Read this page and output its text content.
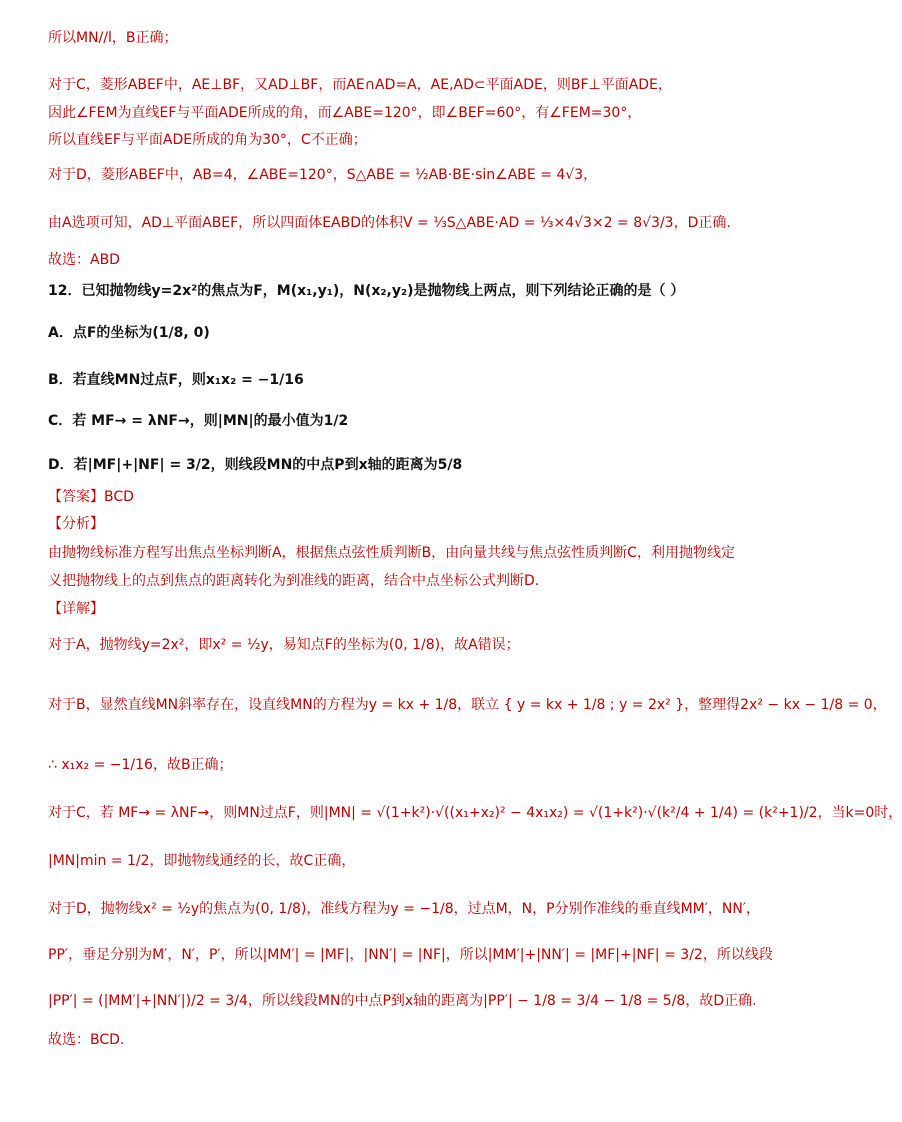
所以MN//l，B正确；
对于C，菱形ABEF中，AE⊥BF，又AD⊥BF，而AE∩AD=A，AE,AD⊂平面ADE，则BF⊥平面ADE，
因此∠FEM为直线EF与平面ADE所成的角，而∠ABE=120°，即∠BEF=60°，有∠FEM=30°，
所以直线EF与平面ADE所成的角为30°，C不正确；
对于D，菱形ABEF中，AB=4，∠ABE=120°，S△ABE = ½AB·BE·sin∠ABE = 4√3，
由A选项可知，AD⊥平面ABEF，所以四面体EABD的体积V = ⅓S△ABE·AD = ⅓×4√3×2 = 8√3/3，D正确.
故选：ABD
12．已知抛物线y=2x²的焦点为F，M(x₁,y₁)，N(x₂,y₂)是抛物线上两点，则下列结论正确的是（ ）
A．点F的坐标为(1/8, 0)
B．若直线MN过点F，则x₁x₂ = −1/16
C．若 MF→ = λNF→，则|MN|的最小值为1/2
D．若|MF|+|NF| = 3/2，则线段MN的中点P到x轴的距离为5/8
【答案】BCD
【分析】
由抛物线标准方程写出焦点坐标判断A，根据焦点弦性质判断B，由向量共线与焦点弦性质判断C，利用抛物线定
义把抛物线上的点到焦点的距离转化为到准线的距离，结合中点坐标公式判断D.
【详解】
对于A，抛物线y=2x²，即x² = ½y，易知点F的坐标为(0, 1/8)，故A错误；
对于B，显然直线MN斜率存在，设直线MN的方程为y = kx + 1/8，联立 { y = kx + 1/8 ; y = 2x² }，整理得2x² − kx − 1/8 = 0，
∴ x₁x₂ = −1/16，故B正确；
对于C，若 MF→ = λNF→，则MN过点F，则|MN| = √(1+k²)·√((x₁+x₂)² − 4x₁x₂) = √(1+k²)·√(k²/4 + 1/4) = (k²+1)/2，当k=0时，
|MN|min = 1/2，即抛物线通经的长，故C正确，
对于D，抛物线x² = ½y的焦点为(0, 1/8)，准线方程为y = −1/8，过点M，N，P分别作准线的垂直线MM′，NN′，
PP′，垂足分别为M′，N′，P′，所以|MM′| = |MF|，|NN′| = |NF|，所以|MM′|+|NN′| = |MF|+|NF| = 3/2，所以线段
|PP′| = (|MM′|+|NN′|)/2 = 3/4，所以线段MN的中点P到x轴的距离为|PP′| − 1/8 = 3/4 − 1/8 = 5/8，故D正确.
故选：BCD.
